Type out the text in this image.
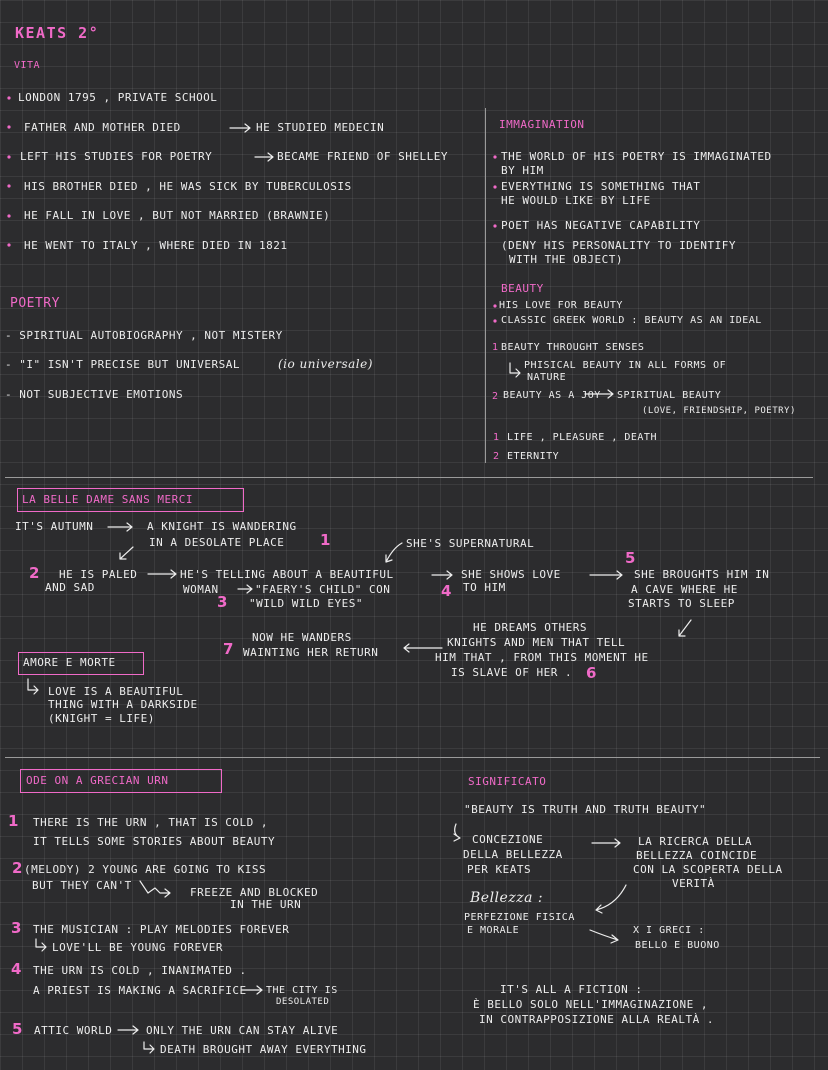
KEATS 2°
VITA
LONDON 1795 , PRIVATE SCHOOL
FATHER AND MOTHER DIED	HE STUDIED MEDECIN
LEFT HIS STUDIES FOR POETRY	BECAME FRIEND OF SHELLEY
HIS BROTHER DIED , HE WAS SICK BY TUBERCULOSIS
HE FALL IN LOVE , BUT NOT MARRIED (BRAWNIE)
HE WENT TO ITALY , WHERE DIED IN 1821
POETRY
- SPIRITUAL AUTOBIOGRAPHY , NOT MISTERY
- "I" ISN'T PRECISE BUT UNIVERSAL	(io universale)
- NOT SUBJECTIVE EMOTIONS
IMMAGINATION
THE WORLD OF HIS POETRY IS IMMAGINATED
BY HIM
EVERYTHING IS SOMETHING THAT
HE WOULD LIKE BY LIFE
POET HAS NEGATIVE CAPABILITY
(DENY HIS PERSONALITY TO IDENTIFY
WITH THE OBJECT)
BEAUTY
HIS LOVE FOR BEAUTY
CLASSIC GREEK WORLD : BEAUTY AS AN IDEAL
1 BEAUTY THROUGHT SENSES
PHISICAL BEAUTY IN ALL FORMS OF
NATURE
2 BEAUTY AS A JOY SPIRITUAL BEAUTY
(LOVE, FRIENDSHIP, POETRY)
1 LIFE , PLEASURE , DEATH
2 ETERNITY
LA BELLE DAME SANS MERCI
IT'S AUTUMN	A KNIGHT IS WANDERING
IN A DESOLATE PLACE 1
2 HE IS PALED
AND SAD
HE'S TELLING ABOUT A BEAUTIFUL
WOMAN	"FAERY'S CHILD" CON
3 "WILD WILD EYES"
SHE'S SUPERNATURAL
SHE SHOWS LOVE
4 TO HIM
5
SHE BROUGHTS HIM IN
A CAVE WHERE HE
STARTS TO SLEEP
HE DREAMS OTHERS
KNIGHTS AND MEN THAT TELL
HIM THAT , FROM THIS MOMENT HE
IS SLAVE OF HER . 6
NOW HE WANDERS
7 WAINTING HER RETURN
AMORE E MORTE
LOVE IS A BEAUTIFUL
THING WITH A DARKSIDE
(KNIGHT = LIFE)
ODE ON A GRECIAN URN
1 THERE IS THE URN , THAT IS COLD ,
IT TELLS SOME STORIES ABOUT BEAUTY
2 (MELODY) 2 YOUNG ARE GOING TO KISS
BUT THEY CAN'T
FREEZE AND BLOCKED
IN THE URN
3 THE MUSICIAN : PLAY MELODIES FOREVER
LOVE'LL BE YOUNG FOREVER
4 THE URN IS COLD , INANIMATED .
A PRIEST IS MAKING A SACRIFICE THE CITY IS
DESOLATED
5 ATTIC WORLD	ONLY THE URN CAN STAY ALIVE
DEATH BROUGHT AWAY EVERYTHING
SIGNIFICATO
"BEAUTY IS TRUTH AND TRUTH BEAUTY"
CONCEZIONE
DELLA BELLEZZA
PER KEATS
LA RICERCA DELLA
BELLEZZA COINCIDE
CON LA SCOPERTA DELLA
VERITÀ
Bellezza :
PERFEZIONE FISICA
E MORALE	X I GRECI :
BELLO E BUONO
IT'S ALL A FICTION :
È BELLO SOLO NELL'IMMAGINAZIONE ,
IN CONTRAPPOSIZIONE ALLA REALTÀ .
